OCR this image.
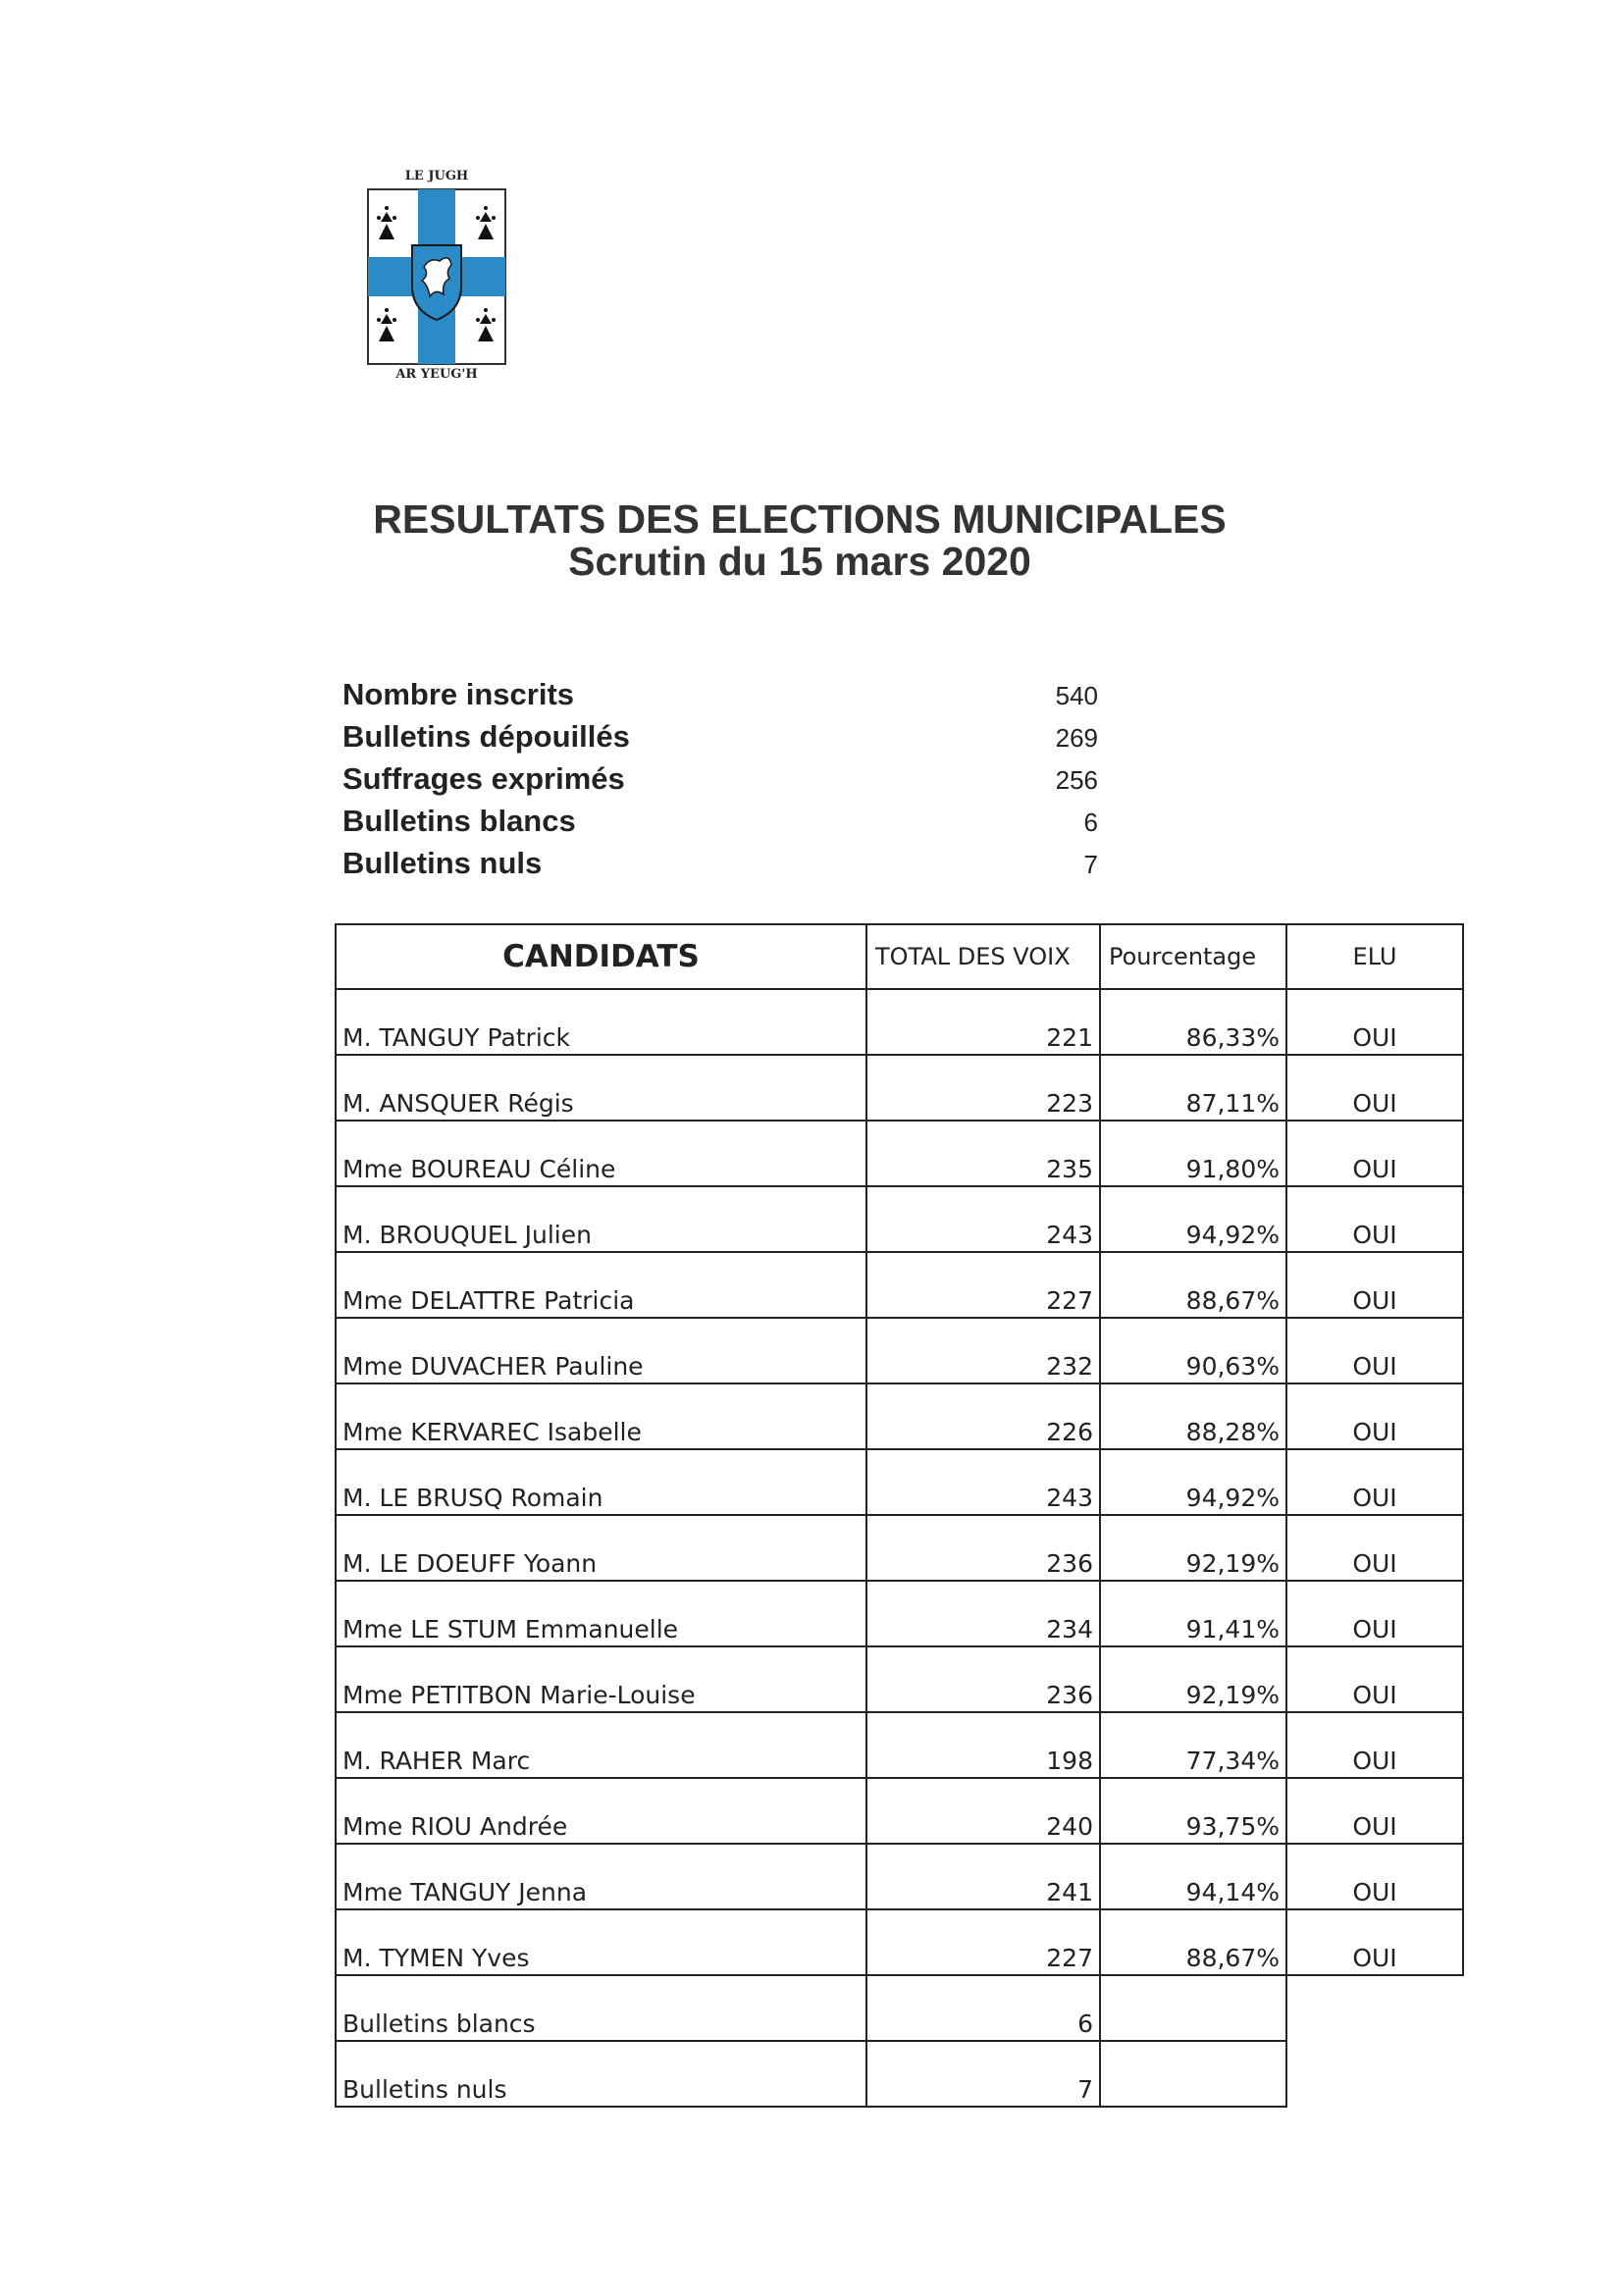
LE JUGH
AR YEUG'H
RESULTATS DES ELECTIONS MUNICIPALES
Scrutin du 15 mars 2020
Nombre inscrits	540
Bulletins dépouillés	269
Suffrages exprimés	256
Bulletins blancs	6
Bulletins nuls	7
CANDIDATS	TOTAL DES VOIX	Pourcentage	ELU
M. TANGUY Patrick	221	86,33%	OUI
M. ANSQUER Régis	223	87,11%	OUI
Mme BOUREAU Céline	235	91,80%	OUI
M. BROUQUEL Julien	243	94,92%	OUI
Mme DELATTRE Patricia	227	88,67%	OUI
Mme DUVACHER Pauline	232	90,63%	OUI
Mme KERVAREC Isabelle	226	88,28%	OUI
M. LE BRUSQ Romain	243	94,92%	OUI
M. LE DOEUFF Yoann	236	92,19%	OUI
Mme LE STUM Emmanuelle	234	91,41%	OUI
Mme PETITBON Marie-Louise	236	92,19%	OUI
M. RAHER Marc	198	77,34%	OUI
Mme RIOU Andrée	240	93,75%	OUI
Mme TANGUY Jenna	241	94,14%	OUI
M. TYMEN Yves	227	88,67%	OUI
Bulletins blancs	6		
Bulletins nuls	7		
